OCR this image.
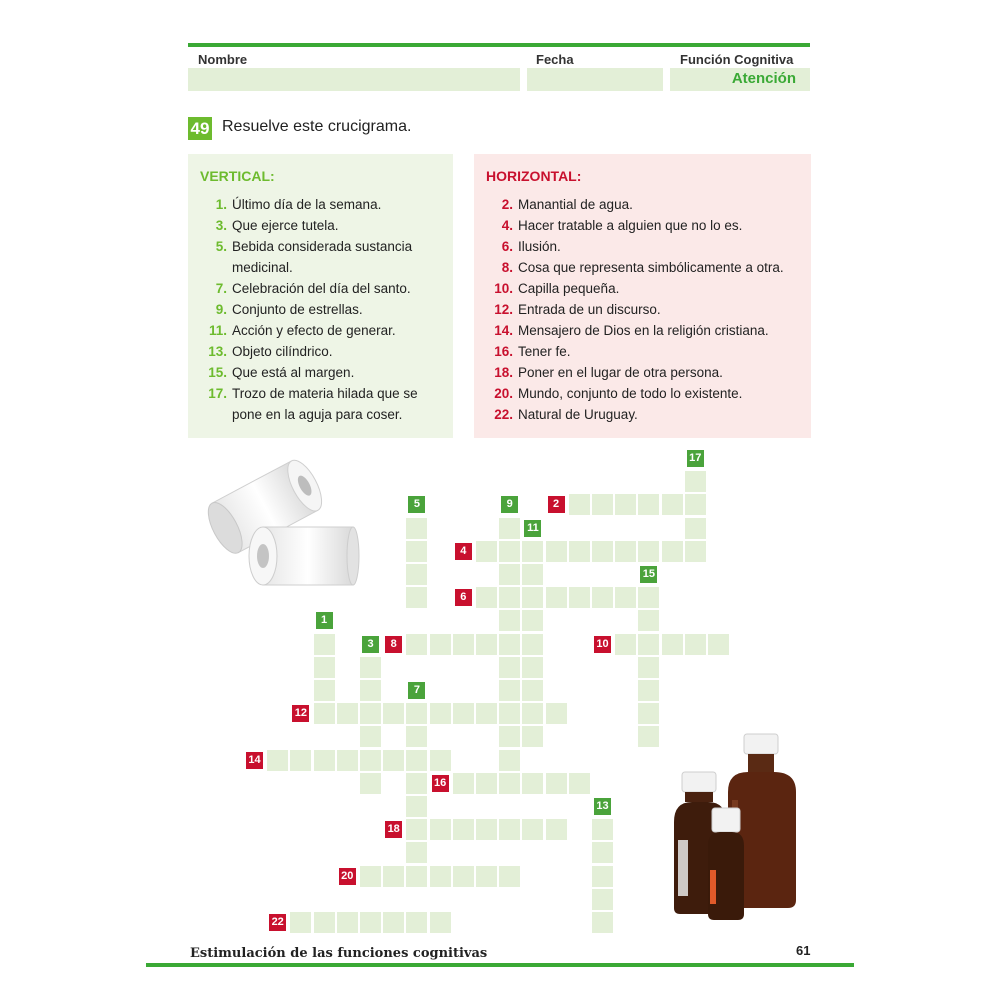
Nombre	Fecha	Función Cognitiva
Atención
49 Resuelve este crucigrama.
VERTICAL:
1. Último día de la semana.
3. Que ejerce tutela.
5. Bebida considerada sustancia medicinal.
7. Celebración del día del santo.
9. Conjunto de estrellas.
11. Acción y efecto de generar.
13. Objeto cilíndrico.
15. Que está al margen.
17. Trozo de materia hilada que se pone en la aguja para coser.
HORIZONTAL:
2. Manantial de agua.
4. Hacer tratable a alguien que no lo es.
6. Ilusión.
8. Cosa que representa simbólicamente a otra.
10. Capilla pequeña.
12. Entrada de un discurso.
14. Mensajero de Dios en la religión cristiana.
16. Tener fe.
18. Poner en el lugar de otra persona.
20. Mundo, conjunto de todo lo existente.
22. Natural de Uruguay.
2
4
6
8	10
12
14
16
18
20
22
1
3
5
7
9
11
13
15
17
Estimulación de las funciones cognitivas	61
